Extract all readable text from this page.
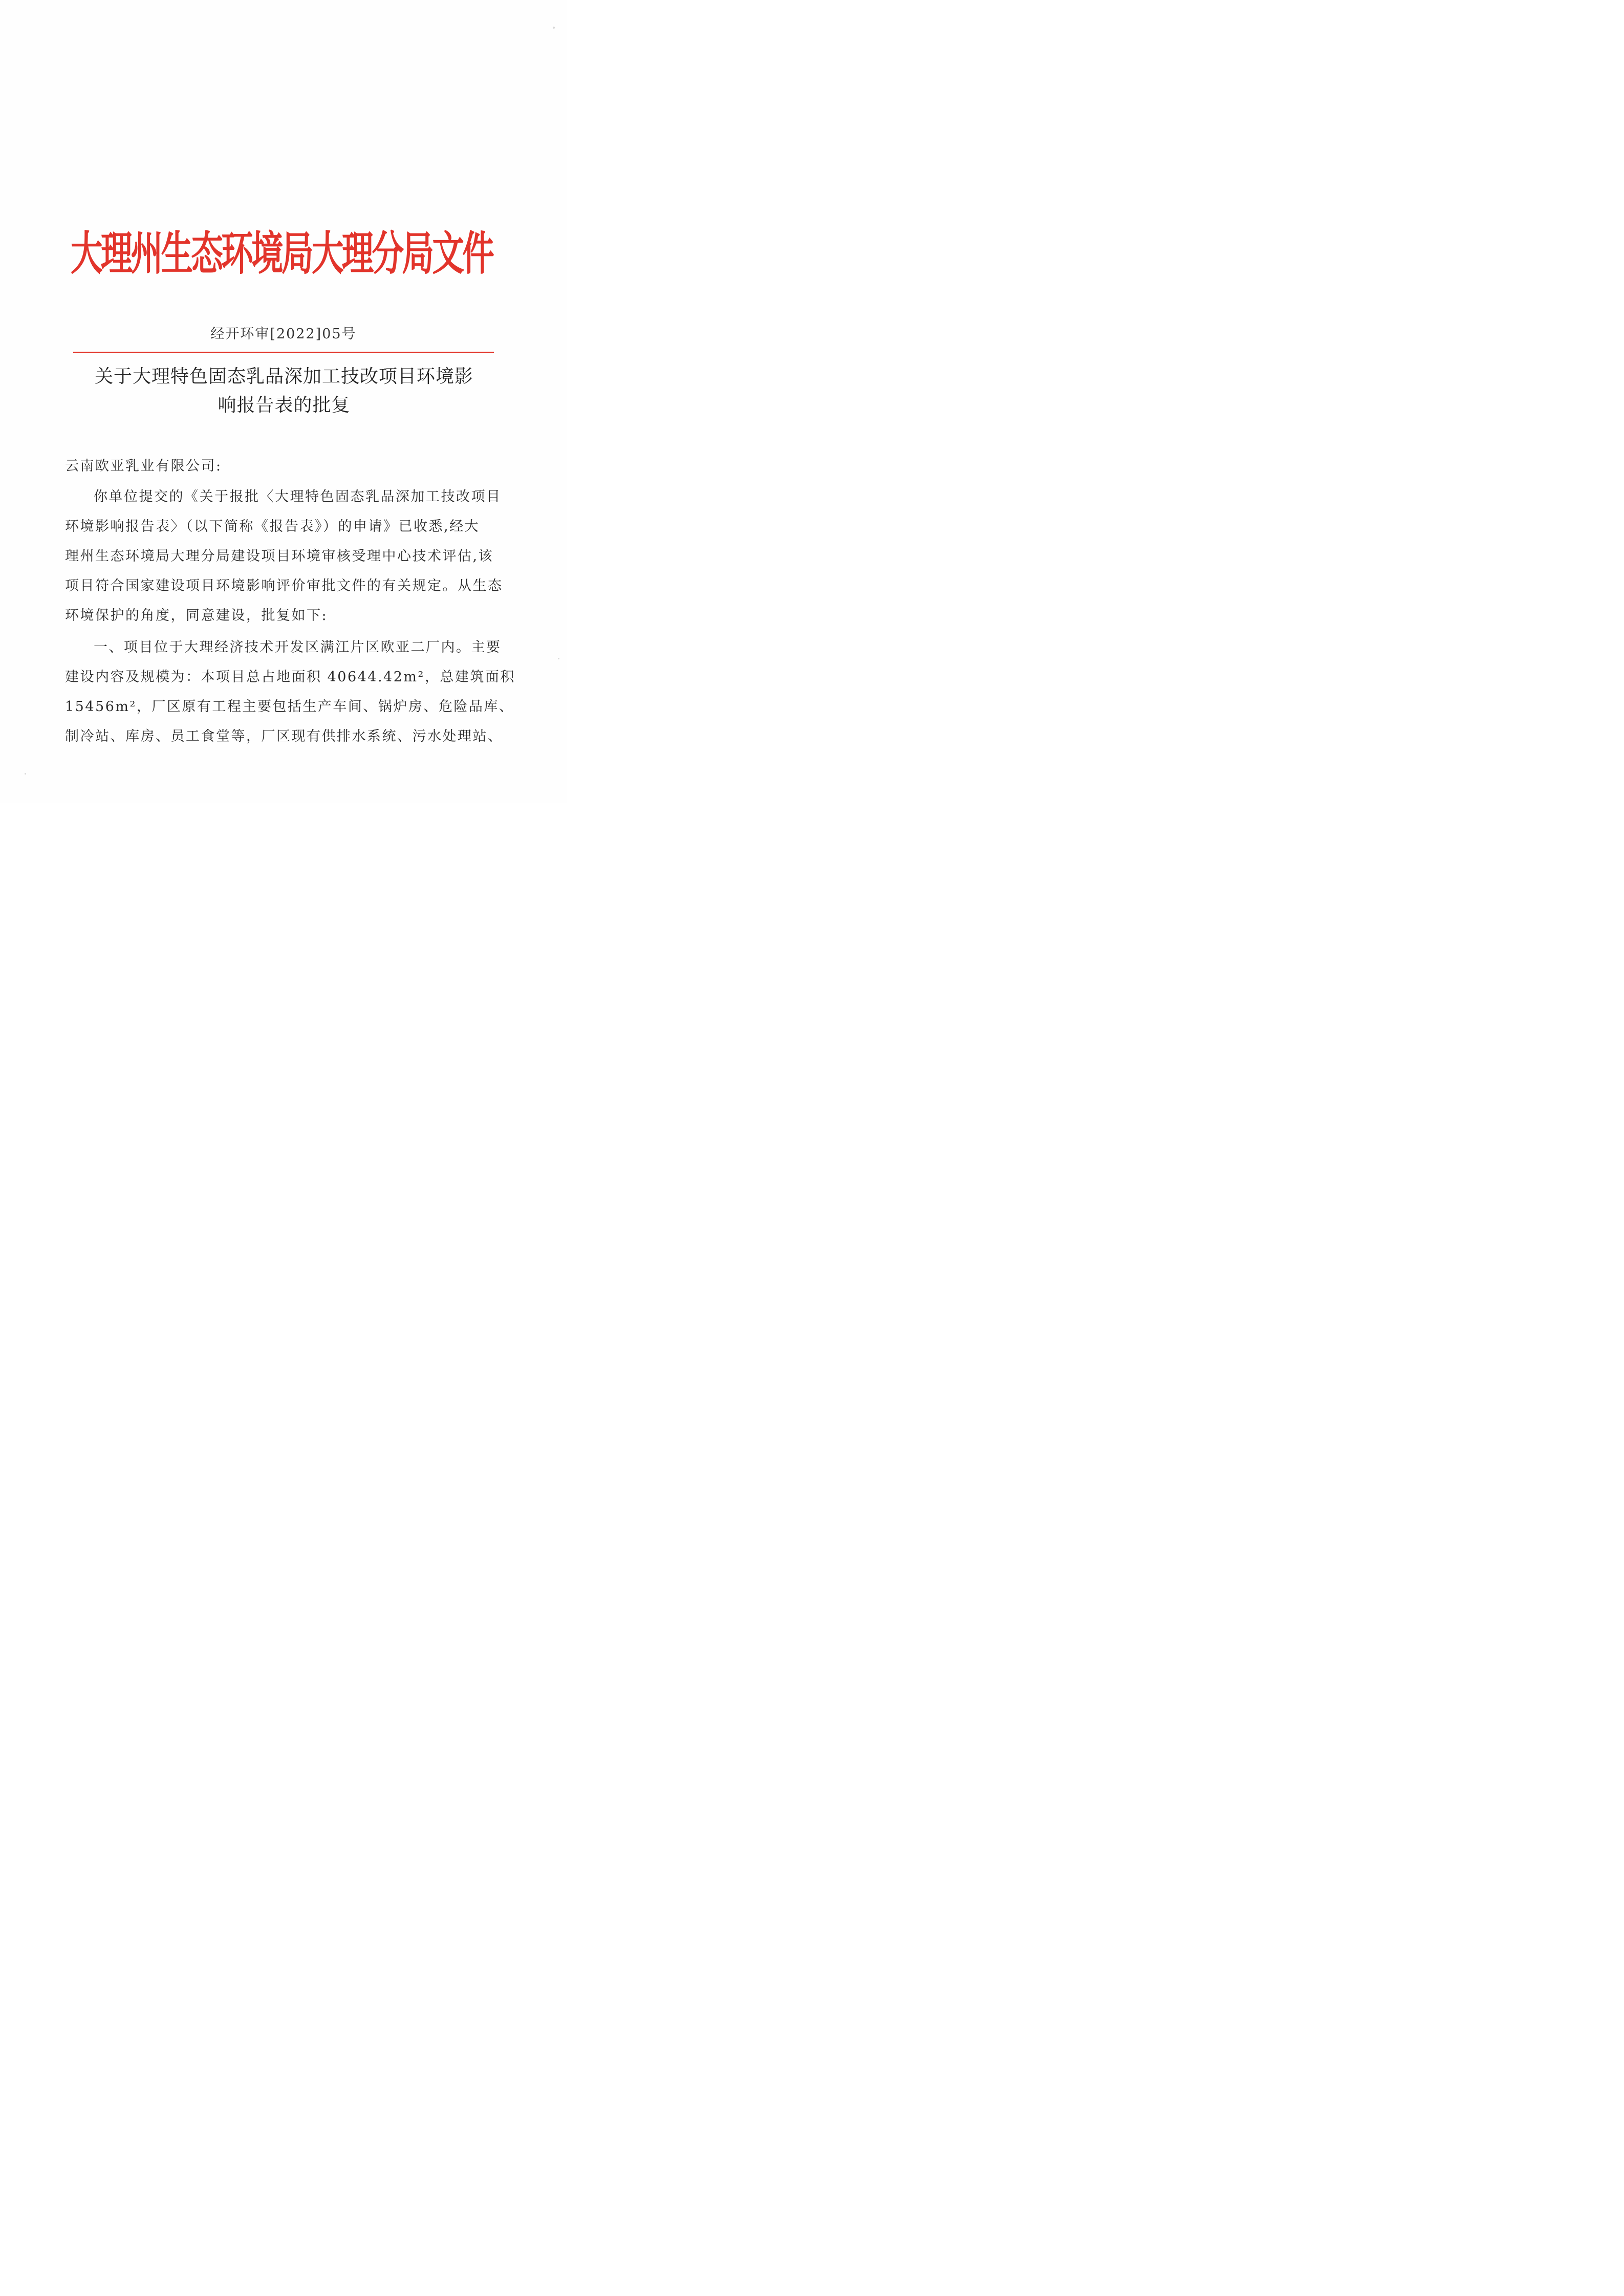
大理州生态环境局大理分局文件
经开环审[2022]05号
关于大理特色固态乳品深加工技改项目环境影
响报告表的批复
云南欧亚乳业有限公司:
你单位提交的《关于报批〈大理特色固态乳品深加工技改项目
环境影响报告表〉（以下简称《报告表》）的申请》已收悉,经大
理州生态环境局大理分局建设项目环境审核受理中心技术评估,该
项目符合国家建设项目环境影响评价审批文件的有关规定。从生态
环境保护的角度，同意建设，批复如下:
一、项目位于大理经济技术开发区满江片区欧亚二厂内。主要
建设内容及规模为：本项目总占地面积 40644.42m²，总建筑面积
15456m²，厂区原有工程主要包括生产车间、锅炉房、危险品库、
制冷站、库房、员工食堂等，厂区现有供排水系统、污水处理站、
